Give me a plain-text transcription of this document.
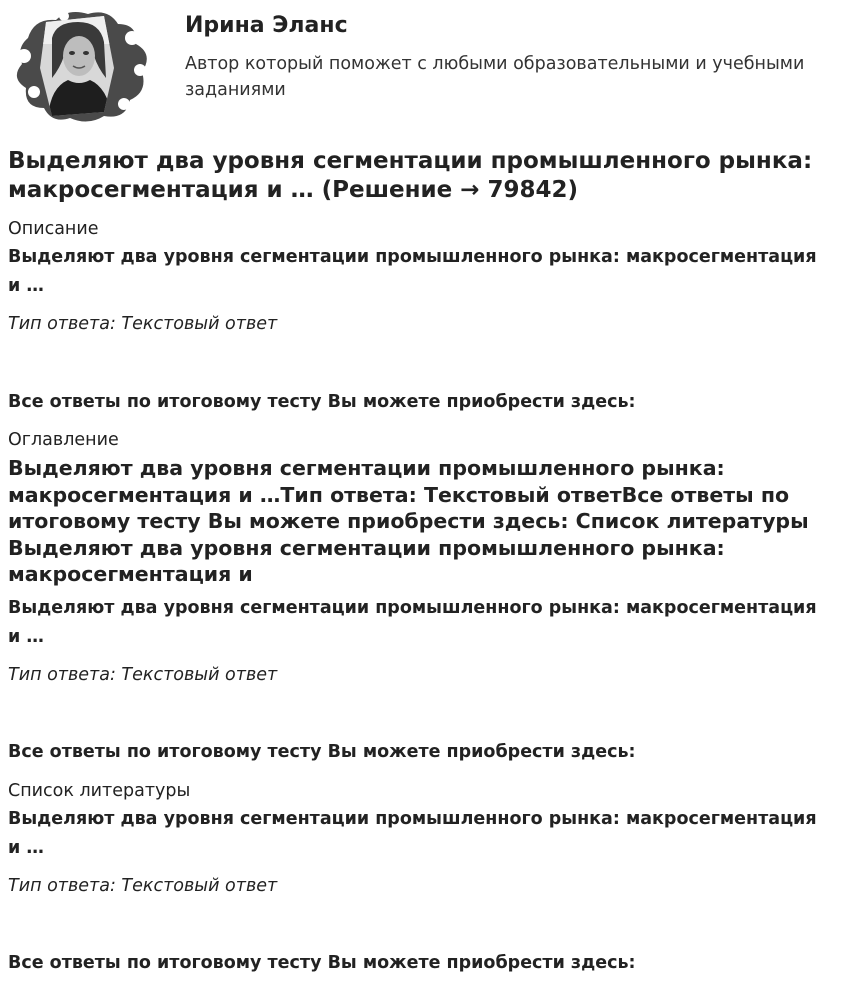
Ирина Эланс

Автор который поможет с любыми образовательными и учебными заданиями

Выделяют два уровня сегментации промышленного рынка: макросегментация и … (Решение → 79842)

Описание

Выделяют два уровня сегментации промышленного рынка: макросегментация и …

Тип ответа: Текстовый ответ

Все ответы по итоговому тесту Вы можете приобрести здесь:

Оглавление

Выделяют два уровня сегментации промышленного рынка: макросегментация и …Тип ответа: Текстовый ответВсе ответы по итоговому тесту Вы можете приобрести здесь: Список литературы Выделяют два уровня сегментации промышленного рынка: макросегментация и

Выделяют два уровня сегментации промышленного рынка: макросегментация и …

Тип ответа: Текстовый ответ

Все ответы по итоговому тесту Вы можете приобрести здесь:

Список литературы

Выделяют два уровня сегментации промышленного рынка: макросегментация и …

Тип ответа: Текстовый ответ

Все ответы по итоговому тесту Вы можете приобрести здесь:
